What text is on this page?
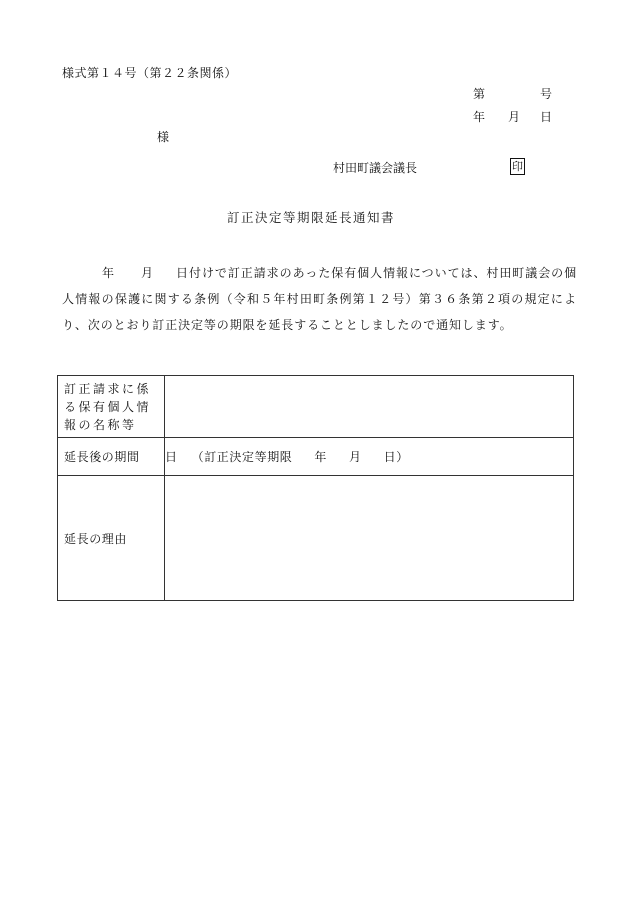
様式第１４号（第２２条関係）
第	号
年 月 日
様
村田町議会議長	印
訂正決定等期限延長通知書
年 月 日付けで訂正請求のあった保有個人情報については、村田町議会の個人情報の保護に関する条例（令和５年村田町条例第１２号）第３６条第２項の規定により、次のとおり訂正決定等の期限を延長することとしましたので通知します。
訂正請求に係る保有個人情報の名称等	
延長後の期間	日 （訂正決定等期限 年 月 日）
延長の理由	
